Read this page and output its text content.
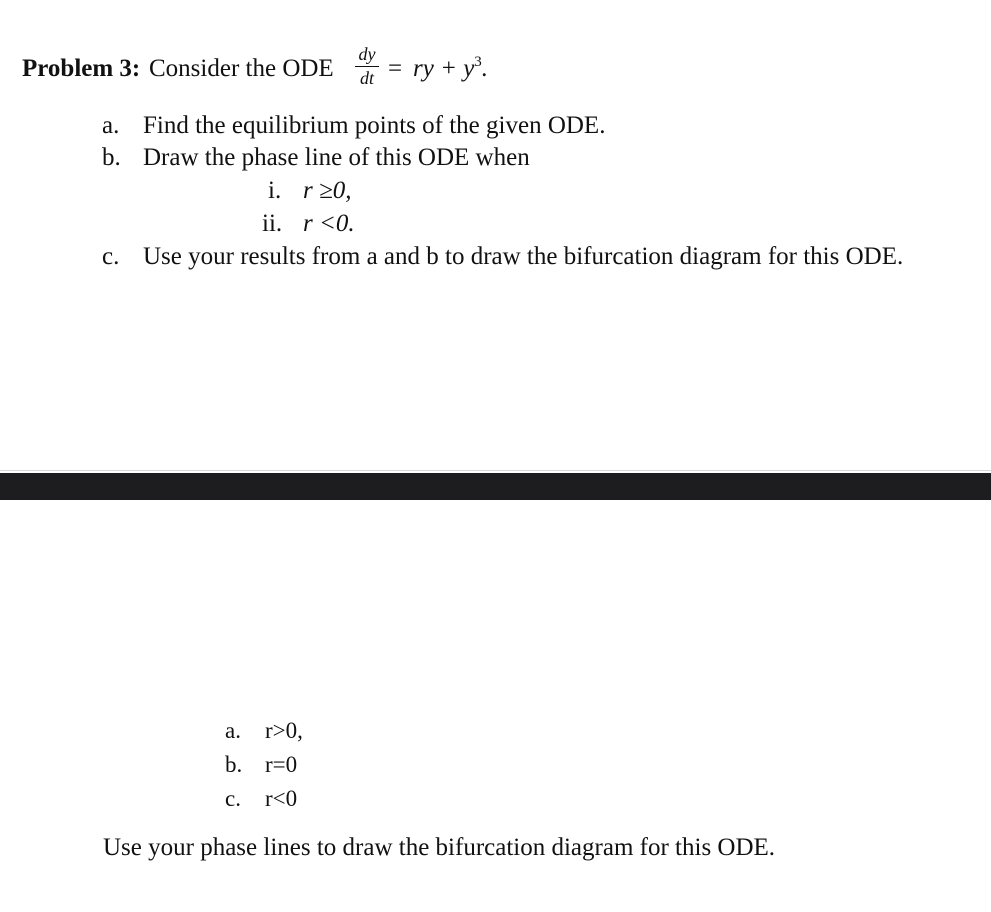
Problem 3: Consider the ODE
dy
dt = ry + $y^3$.
a. Find the equilibrium points of the given ODE.
b. Draw the phase line of this ODE when
i. r ≥0,
ii. r <0.
c. Use your results from a and b to draw the bifurcation diagram for this ODE.
a. r>0,
b. r=0
c. r<0
Use your phase lines to draw the bifurcation diagram for this ODE.
